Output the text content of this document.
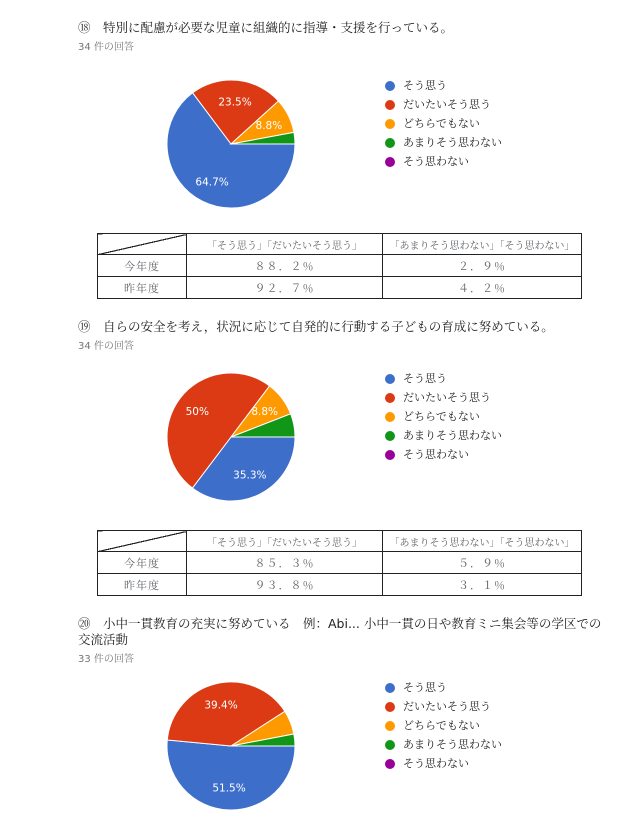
⑱　特別に配慮が必要な児童に組織的に指導・支援を行っている。
34 件の回答
64.7%
23.5%
8.8%
そう思う
だいたいそう思う
どちらでもない
あまりそう思わない
そう思わない
	「そう思う」「だいたいそう思う」	「あまりそう思わない」「そう思わない」
今年度	８８．２％	２．９％
昨年度	９２．７％	４．２％
⑲　自らの安全を考え，状況に応じて自発的に行動する子どもの育成に努めている。
34 件の回答
35.3%
50%	8.8%
そう思う
だいたいそう思う
どちらでもない
あまりそう思わない
そう思わない
	「そう思う」「だいたいそう思う」	「あまりそう思わない」「そう思わない」
今年度	８５．３％	５．９％
昨年度	９３．８％	３．１％
⑳　小中一貫教育の充実に努めている　例：Abi... 小中一貫の日や教育ミニ集会等の学区での交流活動
33 件の回答
51.5%
39.4%
そう思う
だいたいそう思う
どちらでもない
あまりそう思わない
そう思わない
